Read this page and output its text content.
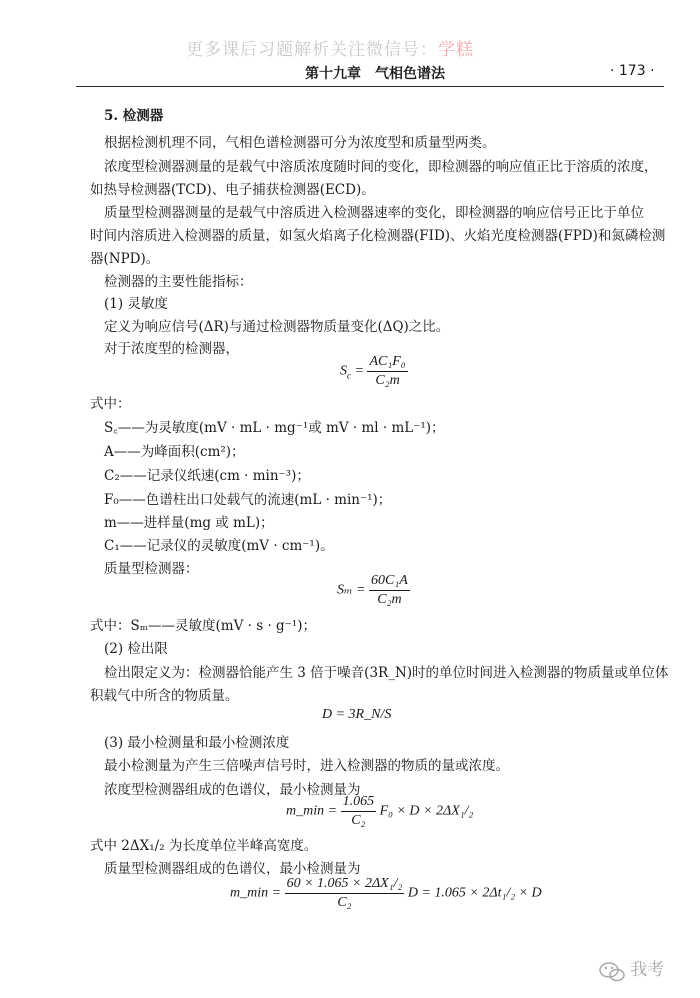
更多课后习题解析关注微信号：学糕
第十九章　气相色谱法	· 173 ·
5. 检测器
根据检测机理不同，气相色谱检测器可分为浓度型和质量型两类。
浓度型检测器测量的是载气中溶质浓度随时间的变化，即检测器的响应值正比于溶质的浓度，
如热导检测器(TCD)、电子捕获检测器(ECD)。
质量型检测器测量的是载气中溶质进入检测器速率的变化，即检测器的响应信号正比于单位
时间内溶质进入检测器的质量，如氢火焰离子化检测器(FID)、火焰光度检测器(FPD)和氮磷检测
器(NPD)。
检测器的主要性能指标：
(1) 灵敏度
定义为响应信号(ΔR)与通过检测器物质量变化(ΔQ)之比。
对于浓度型的检测器，
$S_c = \frac{\text{AC₁F₀}}{\text{C₂m}}$
式中：
S꜀——为灵敏度(mV · mL · mg⁻¹或 mV · ml · mL⁻¹)；
A——为峰面积(cm²)；
C₂——记录仪纸速(cm · min⁻³)；
F₀——色谱柱出口处载气的流速(mL · min⁻¹)；
m——进样量(mg 或 mL)；
C₁——记录仪的灵敏度(mV · cm⁻¹)。
质量型检测器：
$S_m = \frac{\text{60C₁A}}{\text{C₂m}}$
式中：Sₘ——灵敏度(mV · s · g⁻¹)；
(2) 检出限
检出限定义为：检测器恰能产生 3 倍于噪音(3R_N)时的单位时间进入检测器的物质量或单位体
积载气中所含的物质量。
D = 3R_N/S
(3) 最小检测量和最小检测浓度
最小检测量为产生三倍噪声信号时，进入检测器的物质的量或浓度。
浓度型检测器组成的色谱仪，最小检测量为
m_min = $\frac{1.065}{\text{C₂}} F_0 \times D \times 2\Delta X_1/_2$
式中 2ΔX₁/₂ 为长度单位半峰高宽度。
质量型检测器组成的色谱仪，最小检测量为
m_min = $\frac{\text{60 × 1.065 × 2ΔX₁/₂}}{\text{C₂}}$ D = 1.065 × 2Δt₁/₂ × D
我考
